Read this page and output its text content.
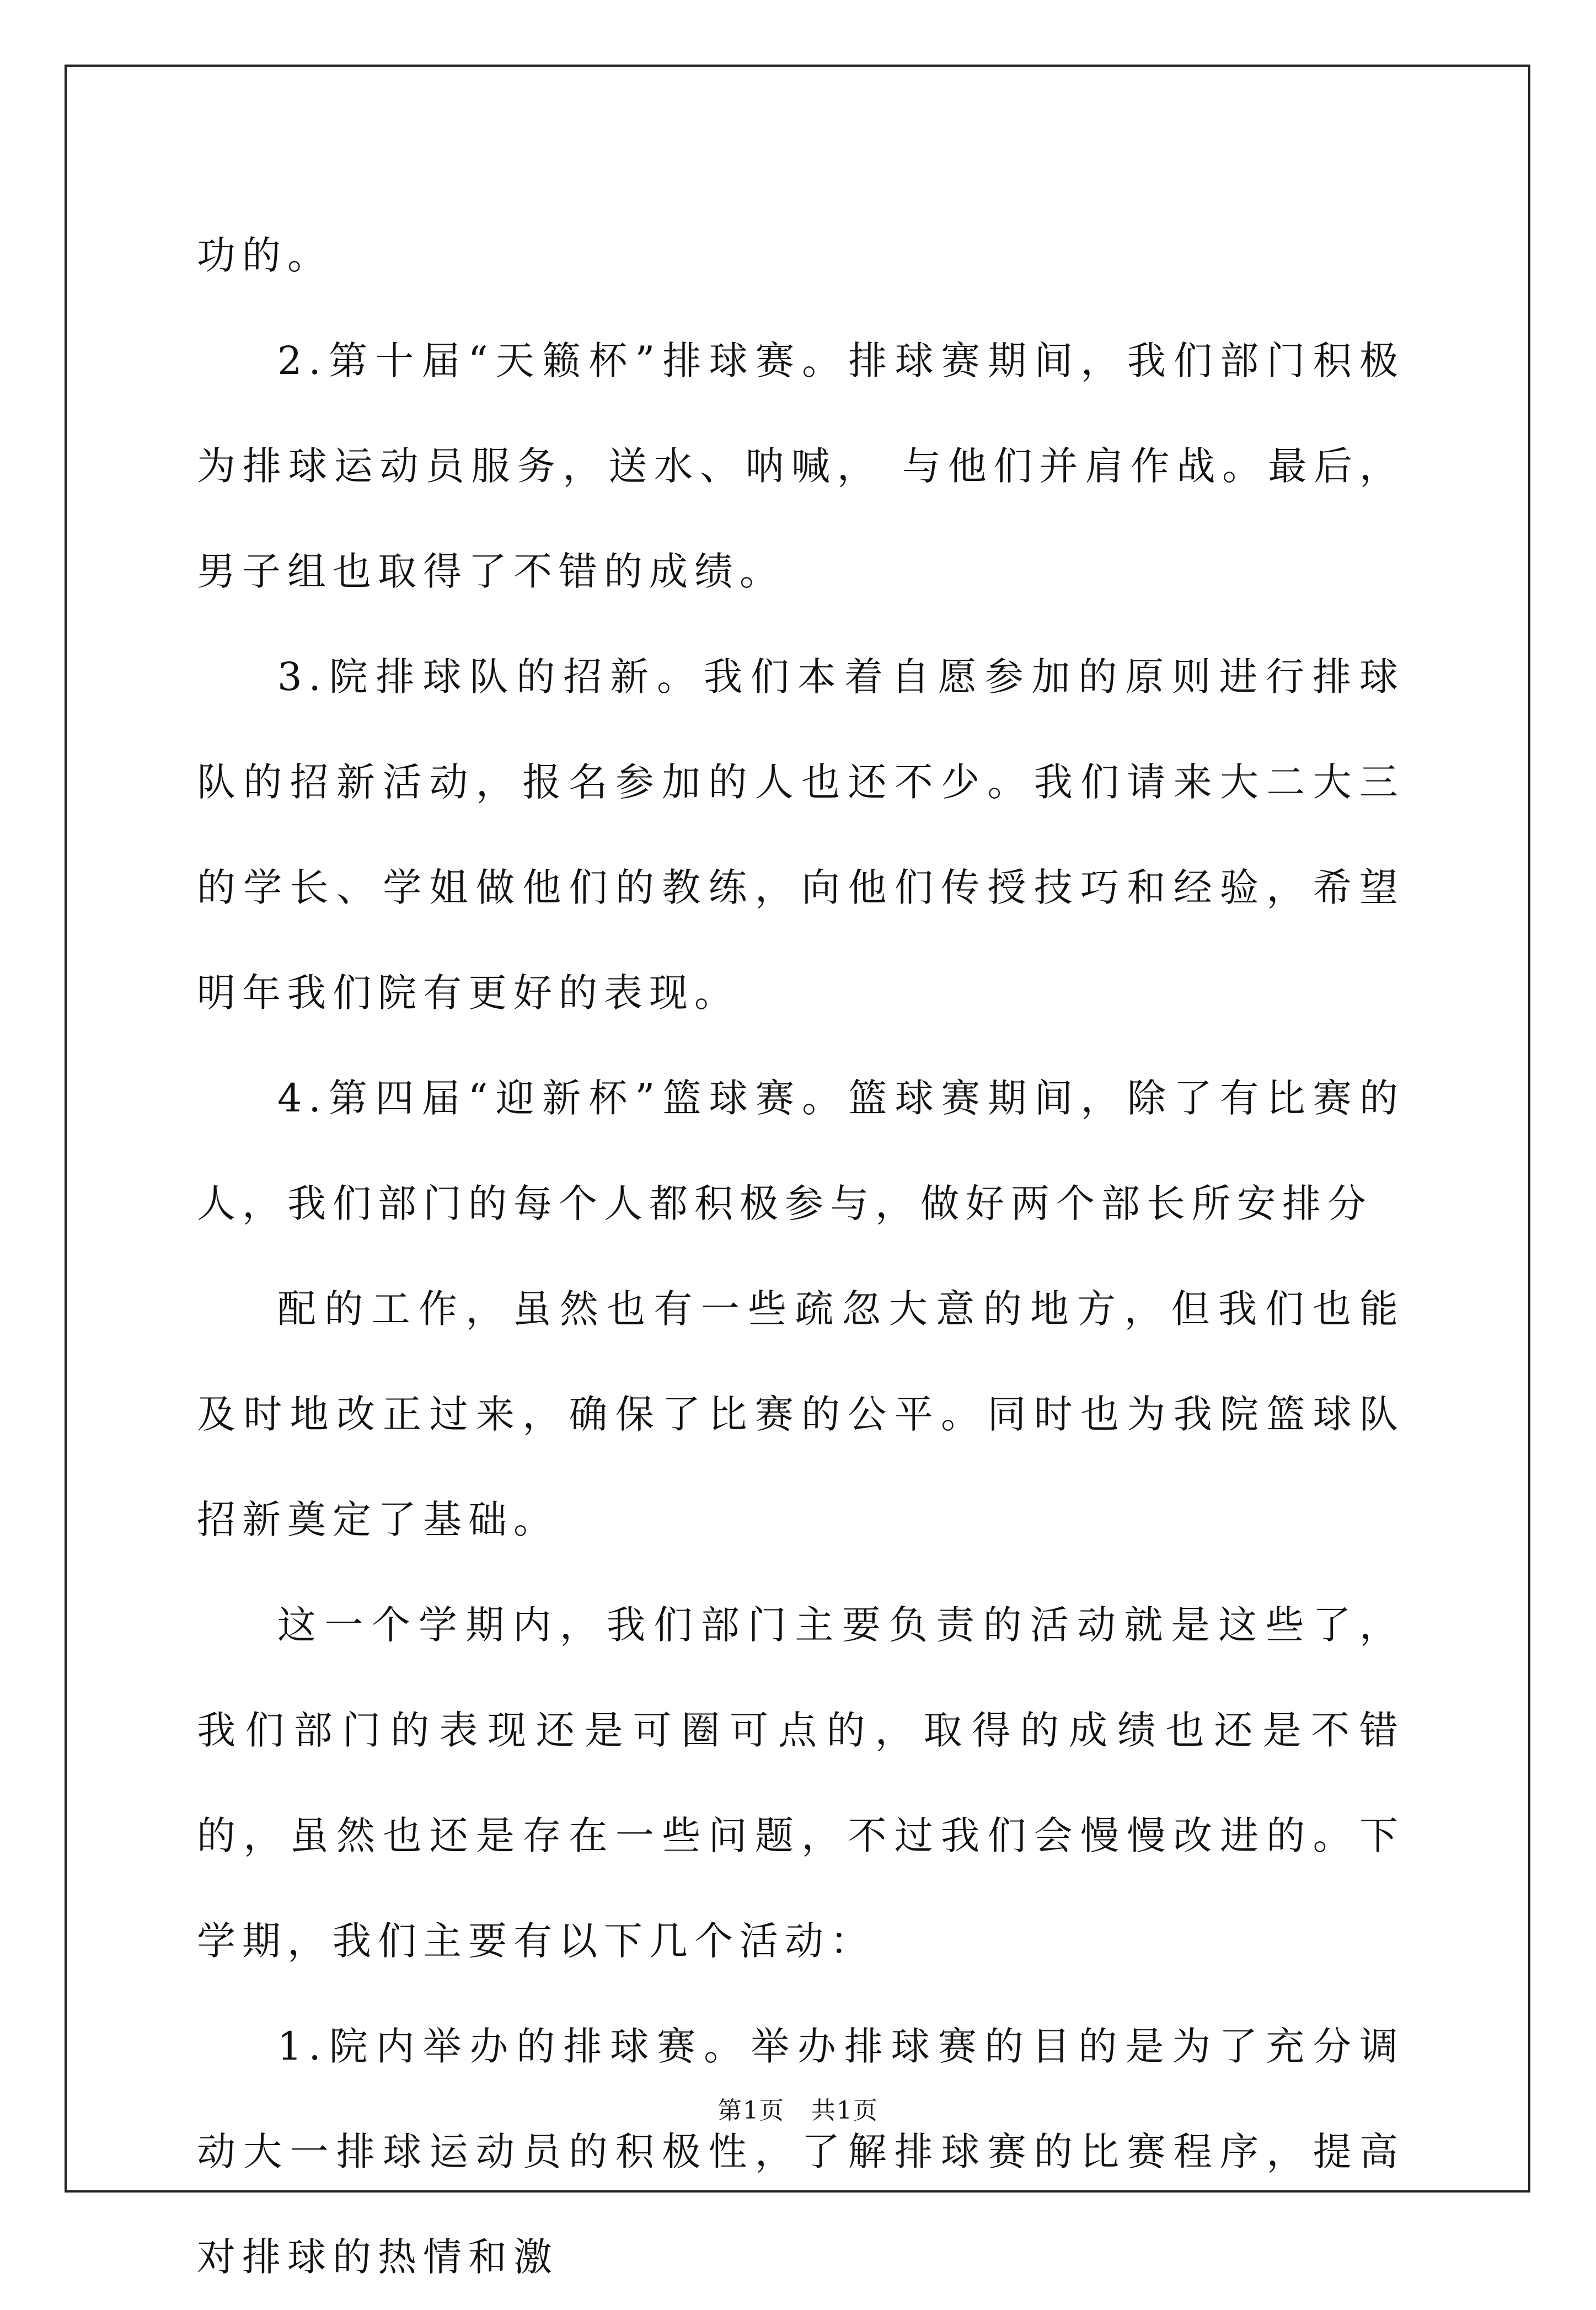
功的。

2.第十届“天籁杯”排球赛。排球赛期间，我们部门积极为排球运动员服务，送水、呐喊， 与他们并肩作战。最后，男子组也取得了不错的成绩。

3.院排球队的招新。我们本着自愿参加的原则进行排球队的招新活动，报名参加的人也还不少。我们请来大二大三的学长、学姐做他们的教练，向他们传授技巧和经验，希望明年我们院有更好的表现。

4.第四届“迎新杯”篮球赛。篮球赛期间，除了有比赛的人，我们部门的每个人都积极参与，做好两个部长所安排分

配的工作，虽然也有一些疏忽大意的地方，但我们也能及时地改正过来，确保了比赛的公平。同时也为我院篮球队招新奠定了基础。

这一个学期内，我们部门主要负责的活动就是这些了，我们部门的表现还是可圈可点的，取得的成绩也还是不错的，虽然也还是存在一些问题，不过我们会慢慢改进的。下学期，我们主要有以下几个活动：

1.院内举办的排球赛。举办排球赛的目的是为了充分调动大一排球运动员的积极性，了解排球赛的比赛程序，提高对排球的热情和激

第1页 共1页
